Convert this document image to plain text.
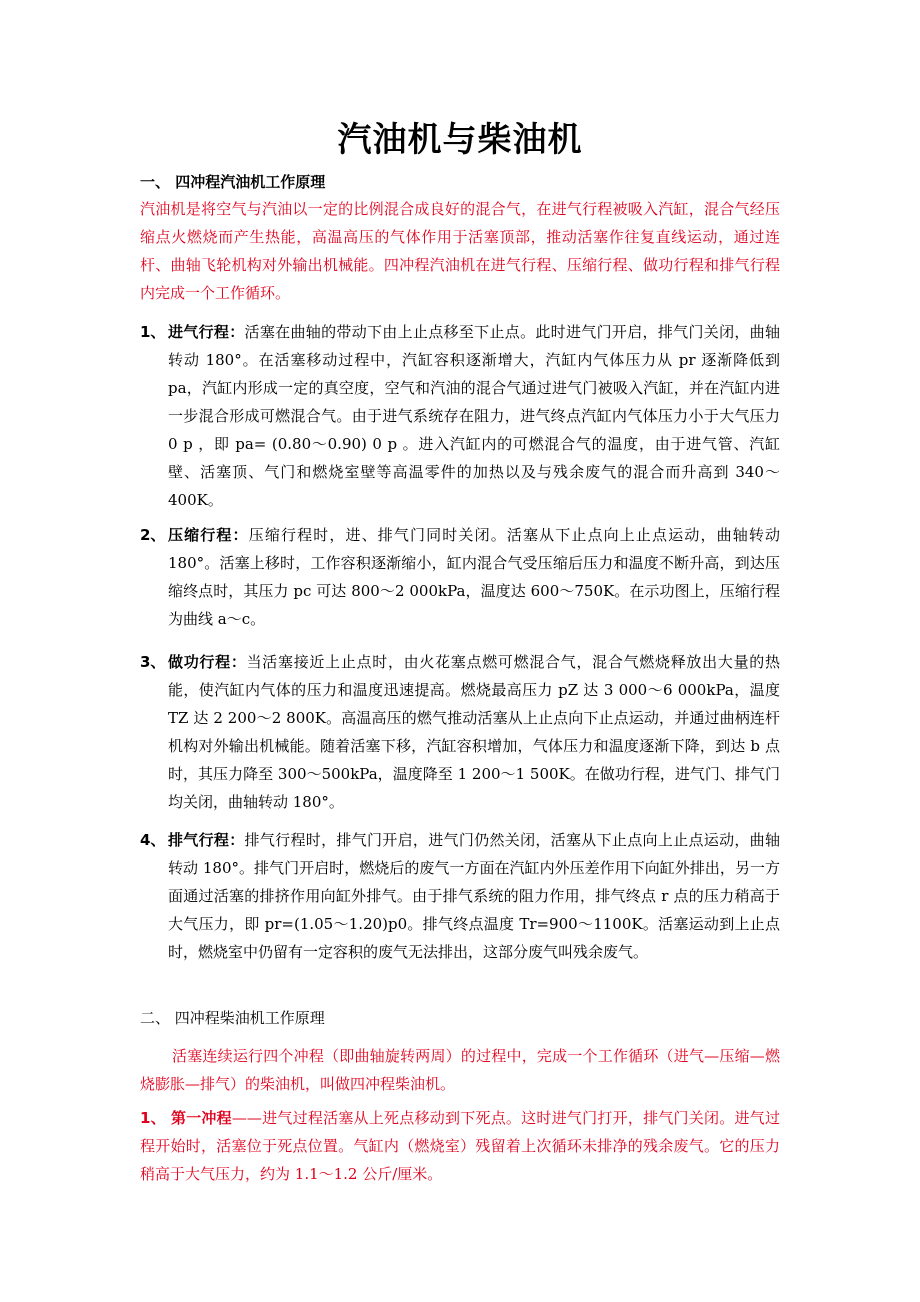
汽油机与柴油机
一、 四冲程汽油机工作原理
汽油机是将空气与汽油以一定的比例混合成良好的混合气，在进气行程被吸入汽缸，混合气经压缩点火燃烧而产生热能，高温高压的气体作用于活塞顶部，推动活塞作往复直线运动，通过连杆、曲轴飞轮机构对外输出机械能。四冲程汽油机在进气行程、压缩行程、做功行程和排气行程内完成一个工作循环。
1、 进气行程：活塞在曲轴的带动下由上止点移至下止点。此时进气门开启，排气门关闭，曲轴转动 180°。在活塞移动过程中，汽缸容积逐渐增大，汽缸内气体压力从 pr 逐渐降低到 pa，汽缸内形成一定的真空度，空气和汽油的混合气通过进气门被吸入汽缸，并在汽缸内进一步混合形成可燃混合气。由于进气系统存在阻力，进气终点汽缸内气体压力小于大气压力 0 p ，即 pa= (0.80～0.90) 0 p 。进入汽缸内的可燃混合气的温度，由于进气管、汽缸壁、活塞顶、气门和燃烧室壁等高温零件的加热以及与残余废气的混合而升高到 340～400K。
2、 压缩行程：压缩行程时，进、排气门同时关闭。活塞从下止点向上止点运动，曲轴转动 180°。活塞上移时，工作容积逐渐缩小，缸内混合气受压缩后压力和温度不断升高，到达压缩终点时，其压力 pc 可达 800～2 000kPa，温度达 600～750K。在示功图上，压缩行程为曲线 a～c。
3、 做功行程：当活塞接近上止点时，由火花塞点燃可燃混合气，混合气燃烧释放出大量的热能，使汽缸内气体的压力和温度迅速提高。燃烧最高压力 pZ 达 3 000～6 000kPa，温度 TZ 达 2 200～2 800K。高温高压的燃气推动活塞从上止点向下止点运动，并通过曲柄连杆机构对外输出机械能。随着活塞下移，汽缸容积增加，气体压力和温度逐渐下降，到达 b 点时，其压力降至 300～500kPa，温度降至 1 200～1 500K。在做功行程，进气门、排气门均关闭，曲轴转动 180°。
4、 排气行程：排气行程时，排气门开启，进气门仍然关闭，活塞从下止点向上止点运动，曲轴转动 180°。排气门开启时，燃烧后的废气一方面在汽缸内外压差作用下向缸外排出，另一方面通过活塞的排挤作用向缸外排气。由于排气系统的阻力作用，排气终点 r 点的压力稍高于大气压力，即 pr=(1.05～1.20)p0。排气终点温度 Tr=900～1100K。活塞运动到上止点时，燃烧室中仍留有一定容积的废气无法排出，这部分废气叫残余废气。
二、 四冲程柴油机工作原理
活塞连续运行四个冲程（即曲轴旋转两周）的过程中，完成一个工作循环（进气—压缩—燃烧膨胀—排气）的柴油机，叫做四冲程柴油机。
1、 第一冲程——进气过程活塞从上死点移动到下死点。这时进气门打开，排气门关闭。进气过程开始时，活塞位于死点位置。气缸内（燃烧室）残留着上次循环未排净的残余废气。它的压力稍高于大气压力，约为 1.1～1.2 公斤/厘米。
